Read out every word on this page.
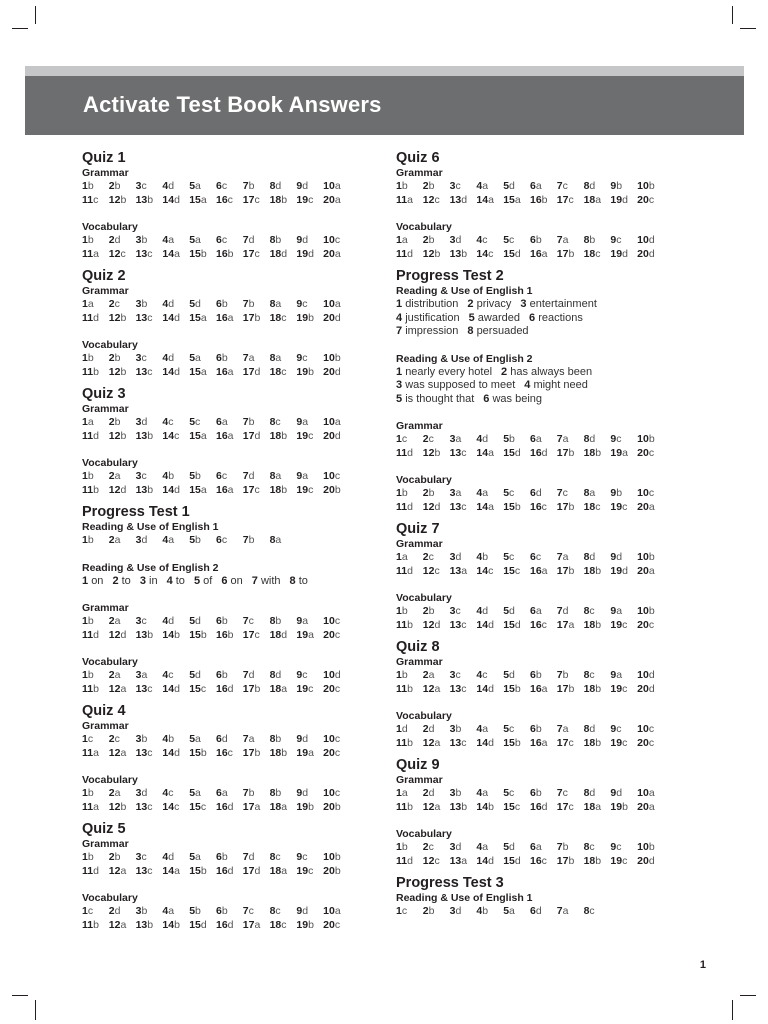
Activate Test Book Answers
Quiz 1
Grammar
1b	2b	3c	4d	5a	6c	7b	8d	9d	10a
11c 12b 13b 14d 15a 16c 17c 18b 19c 20a
Vocabulary
1b	2d	3b	4a	5a	6c	7d	8b	9d	10c
11a 12c 13c 14a 15b 16b 17c 18d 19d 20a
Quiz 2
Grammar
1a	2c	3b	4d	5d	6b	7b	8a	9c	10a
11d 12b 13c 14d 15a 16a 17b 18c 19b 20d
Vocabulary
1b	2b	3c	4d	5a	6b	7a	8a	9c	10b
11b 12b 13c 14d 15a 16a 17d 18c 19b 20d
Quiz 3
Grammar
1a	2b	3d	4c	5c	6a	7b	8c	9a	10a
11d 12b 13b 14c 15a 16a 17d 18b 19c 20d
Vocabulary
1b	2a	3c	4b	5b	6c	7d	8a	9a	10c
11b 12d 13b 14d 15a 16a 17c 18b 19c 20b
Progress Test 1
Reading & Use of English 1
1b	2a	3d	4a	5b	6c	7b	8a
Reading & Use of English 2
1 on 2 to 3 in 4 to 5 of 6 on 7 with 8 to
Grammar
1b	2a	3c	4d	5d	6b	7c	8b	9a	10c
11d 12d 13b 14b 15b 16b 17c 18d 19a 20c
Vocabulary
1b	2a	3a	4c	5d	6b	7d	8d	9c	10d
11b 12a 13c 14d 15c 16d 17b 18a 19c 20c
Quiz 4
Grammar
1c	2c	3b	4b	5a	6d	7a	8b	9d	10c
11a 12a 13c 14d 15b 16c 17b 18b 19a 20c
Vocabulary
1b	2a	3d	4c	5a	6a	7b	8b	9d	10c
11a 12b 13c 14c 15c 16d 17a 18a 19b 20b
Quiz 5
Grammar
1b	2b	3c	4d	5a	6b	7d	8c	9c	10b
11d 12a 13c 14a 15b 16d 17d 18a 19c 20b
Vocabulary
1c	2d	3b	4a	5b	6b	7c	8c	9d	10a
11b 12a 13b 14b 15d 16d 17a 18c 19b 20c
Quiz 6
Grammar
1b	2b	3c	4a	5d	6a	7c	8d	9b	10b
11a 12c 13d 14a 15a 16b 17c 18a 19d 20c
Vocabulary
1a	2b	3d	4c	5c	6b	7a	8b	9c	10d
11d 12b 13b 14c 15d 16a 17b 18c 19d 20d
Progress Test 2
Reading & Use of English 1
1 distribution 2 privacy 3 entertainment
4 justification 5 awarded 6 reactions
7 impression 8 persuaded
Reading & Use of English 2
1 nearly every hotel 2 has always been
3 was supposed to meet 4 might need
5 is thought that 6 was being
Grammar
1c	2c	3a	4d	5b	6a	7a	8d	9c	10b
11d 12b 13c 14a 15d 16d 17b 18b 19a 20c
Vocabulary
1b	2b	3a	4a	5c	6d	7c	8a	9b	10c
11d 12d 13c 14a 15b 16c 17b 18c 19c 20a
Quiz 7
Grammar
1a	2c	3d	4b	5c	6c	7a	8d	9d	10b
11d 12c 13a 14c 15c 16a 17b 18b 19d 20a
Vocabulary
1b	2b	3c	4d	5d	6a	7d	8c	9a	10b
11b 12d 13c 14d 15d 16c 17a 18b 19c 20c
Quiz 8
Grammar
1b	2a	3c	4c	5d	6b	7b	8c	9a	10d
11b 12a 13c 14d 15b 16a 17b 18b 19c 20d
Vocabulary
1d	2d	3b	4a	5c	6b	7a	8d	9c	10c
11b 12a 13c 14d 15b 16a 17c 18b 19c 20c
Quiz 9
Grammar
1a	2d	3b	4a	5c	6b	7c	8d	9d	10a
11b 12a 13b 14b 15c 16d 17c 18a 19b 20a
Vocabulary
1b	2c	3d	4a	5d	6a	7b	8c	9c	10b
11d 12c 13a 14d 15d 16c 17b 18b 19c 20d
Progress Test 3
Reading & Use of English 1
1c	2b	3d	4b	5a	6d	7a	8c
1
